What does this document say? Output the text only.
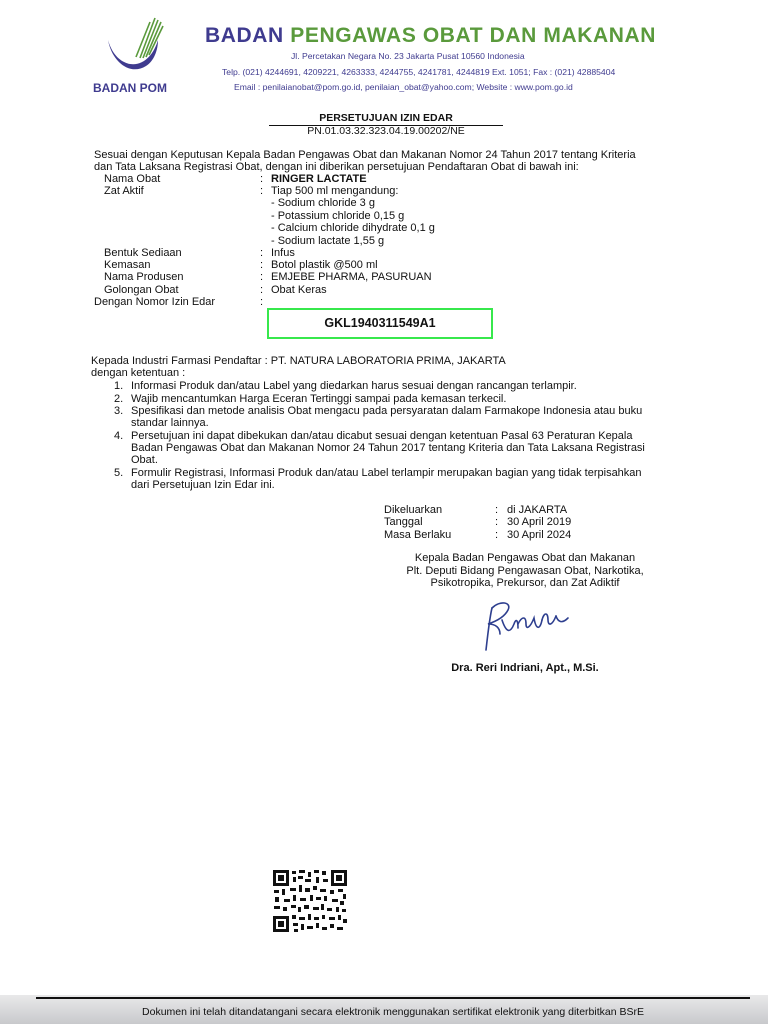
BADAN POM
BADAN PENGAWAS OBAT DAN MAKANAN
Jl. Percetakan Negara No. 23 Jakarta Pusat 10560 Indonesia
Telp. (021) 4244691, 4209221, 4263333, 4244755, 4241781, 4244819 Ext. 1051; Fax : (021) 42885404
Email : penilaianobat@pom.go.id, penilaian_obat@yahoo.com; Website : www.pom.go.id
PERSETUJUAN IZIN EDAR
PN.01.03.32.323.04.19.00202/NE
Sesuai dengan Keputusan Kepala Badan Pengawas Obat dan Makanan Nomor 24 Tahun 2017 tentang Kriteria
dan Tata Laksana Registrasi Obat, dengan ini diberikan persetujuan Pendaftaran Obat di bawah ini:
Nama Obat	: RINGER LACTATE
Zat Aktif	: Tiap 500 ml mengandung:
- Sodium chloride 3 g
- Potassium chloride 0,15 g
- Calcium chloride dihydrate 0,1 g
- Sodium lactate 1,55 g
Bentuk Sediaan	: Infus
Kemasan	: Botol plastik @500 ml
Nama Produsen	: EMJEBE PHARMA, PASURUAN
Golongan Obat	: Obat Keras
Dengan Nomor Izin Edar	:
GKL1940311549A1
Kepada Industri Farmasi Pendaftar : PT. NATURA LABORATORIA PRIMA, JAKARTA
dengan ketentuan :
1. Informasi Produk dan/atau Label yang diedarkan harus sesuai dengan rancangan terlampir.
2. Wajib mencantumkan Harga Eceran Tertinggi sampai pada kemasan terkecil.
3. Spesifikasi dan metode analisis Obat mengacu pada persyaratan dalam Farmakope Indonesia atau buku
standar lainnya.
4. Persetujuan ini dapat dibekukan dan/atau dicabut sesuai dengan ketentuan Pasal 63 Peraturan Kepala
Badan Pengawas Obat dan Makanan Nomor 24 Tahun 2017 tentang Kriteria dan Tata Laksana Registrasi
Obat.
5. Formulir Registrasi, Informasi Produk dan/atau Label terlampir merupakan bagian yang tidak terpisahkan
dari Persetujuan Izin Edar ini.
Dikeluarkan	: di JAKARTA
Tanggal	: 30 April 2019
Masa Berlaku	: 30 April 2024
Kepala Badan Pengawas Obat dan Makanan
Plt. Deputi Bidang Pengawasan Obat, Narkotika,
Psikotropika, Prekursor, dan Zat Adiktif
Dra. Reri Indriani, Apt., M.Si.
Dokumen ini telah ditandatangani secara elektronik menggunakan sertifikat elektronik yang diterbitkan BSrE
